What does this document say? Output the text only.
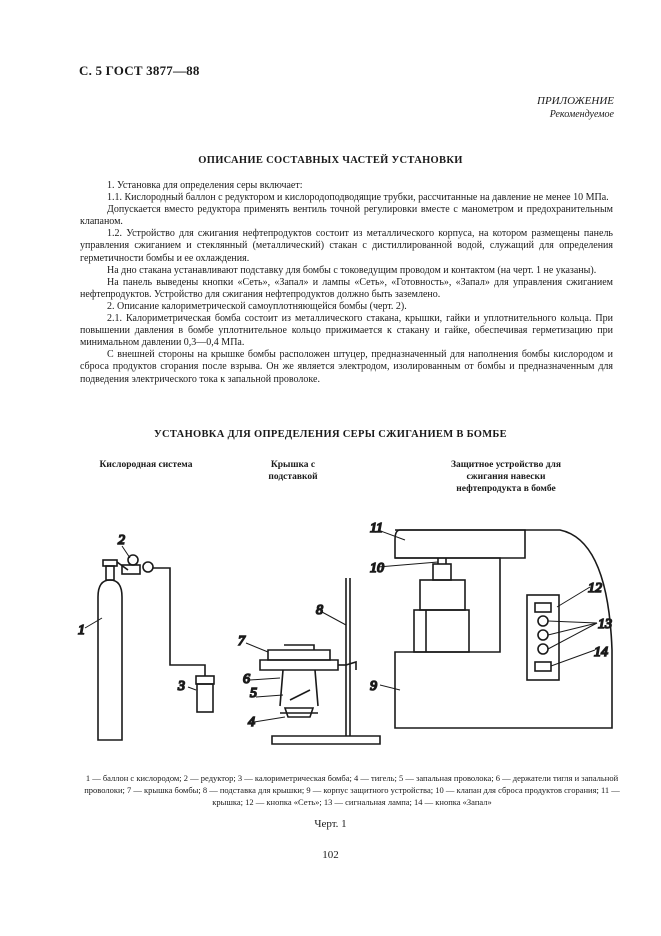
С. 5 ГОСТ 3877—88
ПРИЛОЖЕНИЕ
Рекомендуемое
ОПИСАНИЕ СОСТАВНЫХ ЧАСТЕЙ УСТАНОВКИ

1. Установка для определения серы включает:

1.1. Кислородный баллон с редуктором и кислородоподводящие трубки, рассчитанные на давление не менее 10 МПа.

Допускается вместо редуктора применять вентиль точной регулировки вместе с манометром и предохранительным клапаном.

1.2. Устройство для сжигания нефтепродуктов состоит из металлического корпуса, на котором размещены панель управления сжиганием и стеклянный (металлический) стакан с дистиллированной водой, служащий для определения герметичности бомбы и ее охлаждения.

На дно стакана устанавливают подставку для бомбы с токоведущим проводом и контактом (на черт. 1 не указаны).

На панель выведены кнопки «Сеть», «Запал» и лампы «Сеть», «Готовность», «Запал» для управления сжиганием нефтепродуктов. Устройство для сжигания нефтепродуктов должно быть заземлено.

2. Описание калориметрической самоуплотняющейся бомбы (черт. 2).

2.1. Калориметрическая бомба состоит из металлического стакана, крышки, гайки и уплотнительного кольца. При повышении давления в бомбе уплотнительное кольцо прижимается к стакану и гайке, обеспечивая герметизацию при минимальном давлении 0,3—0,4 МПа.

С внешней стороны на крышке бомбы расположен штуцер, предназначенный для наполнения бомбы кислородом и сброса продуктов сгорания после взрыва. Он же является электродом, изолированным от бомбы и предназначенным для подведения электрического тока к запальной проволоке.

УСТАНОВКА ДЛЯ ОПРЕДЕЛЕНИЯ СЕРЫ СЖИГАНИЕМ В БОМБЕ
Кислородная система	Крышка с подставкой
Защитное устройство для сжигания навески нефтепродукта в бомбе
1
2
3
4
5
6
7
8
9
10
11
12
13
14
1 — баллон с кислородом; 2 — редуктор; 3 — калориметрическая бомба; 4 — тигель; 5 — запальная проволока; 6 — держатели тигля и запальной проволоки; 7 — крышка бомбы; 8 — подставка для крышки; 9 — корпус защитного устройства; 10 — клапан для сброса продуктов сгорания; 11 — крышка; 12 — кнопка «Сеть»; 13 — сигнальная лампа; 14 — кнопка «Запал»
Черт. 1
102
